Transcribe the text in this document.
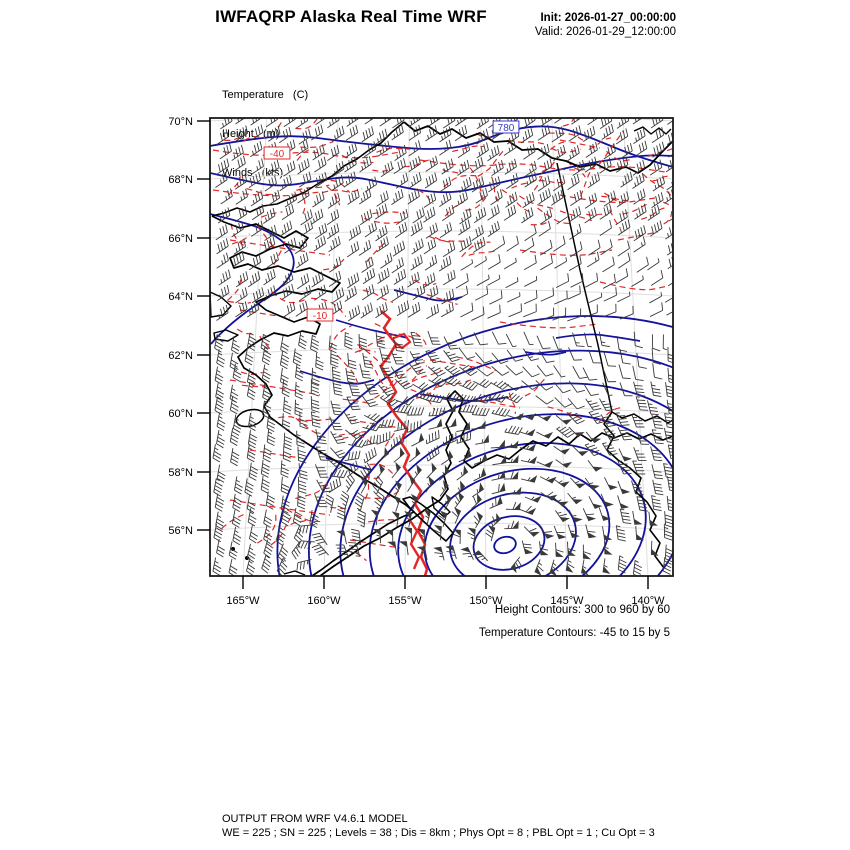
IWFAQRP Alaska Real Time WRF	Init: 2026-01-27_00:00:00
Valid: 2026-01-29_12:00:00

Temperature   (C)

Height   (m)

Winds   (kts)

70°N
68°N
66°N
64°N
62°N
60°N
58°N
56°N
165°W	160°W	155°W	150°W	145°W	140°W
-40
-10
780
Height Contours: 300 to 960 by 60
Temperature Contours: -45 to 15 by 5
OUTPUT FROM WRF V4.6.1 MODEL
WE = 225 ; SN = 225 ; Levels = 38 ; Dis = 8km ; Phys Opt = 8 ; PBL Opt = 1 ; Cu Opt = 3
